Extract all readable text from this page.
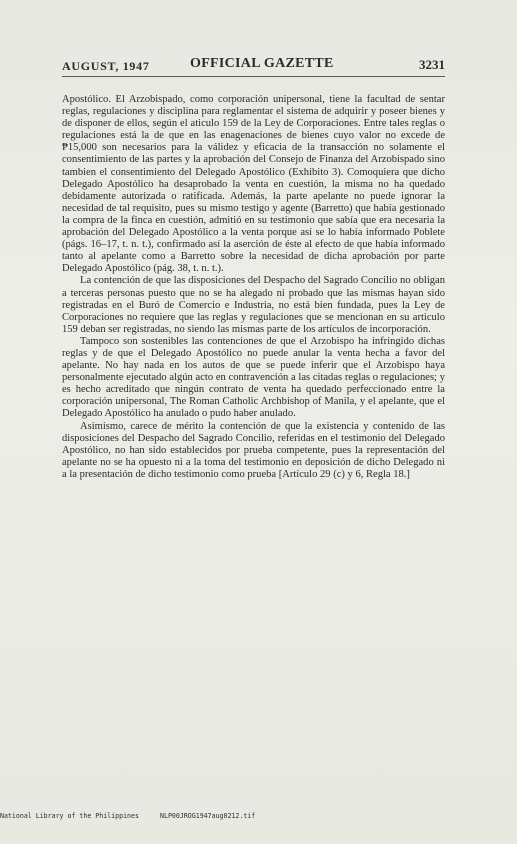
AUGUST, 1947	OFFICIAL GAZETTE	3231

Apostólico. El Arzobispado, como corporación unipersonal, tiene la facultad de sentar reglas, regulaciones y disciplina para reglamentar el sistema de adquirir y poseer bienes y de disponer de ellos, según el aticulo 159 de la Ley de Corporaciones. Entre tales reglas o regulaciones está la de que en las enagenaciones de bienes cuyo valor no excede de ₱15,000 son necesarios para la válidez y eficacia de la transacción no solamente el consentimiento de las partes y la aprobación del Consejo de Finanza del Arzobispado sino tambien el consentimiento del Delegado Apostólico (Exhibito 3). Comoquiera que dicho Delegado Apostólico ha desaprobado la venta en cuestión, la misma no ha quedado debidamente autorizada o ratificada. Además, la parte apelante no puede ignorar la necesidad de tal requisito, pues su mismo testigo y agente (Barretto) que había gestionado la compra de la finca en cuestión, admitió en su testimonio que sabía que era necesaria la aprobación del Delegado Apostólico a la venta porque así se lo había informado Poblete (págs. 16–17, t. n. t.), confirmado así la aserción de éste al efecto de que había informado tanto al apelante como a Barretto sobre la necesidad de dicha aprobación por parte Delegado Apostólico (pág. 38, t. n. t.).

La contención de que las disposiciones del Despacho del Sagrado Concilio no obligan a terceras personas puesto que no se ha alegado ni probado que las mismas hayan sido registradas en el Buró de Comercio e Industria, no está bien fundada, pues la Ley de Corporaciones no requiere que las reglas y regulaciones que se mencionan en su articulo 159 deban ser registradas, no siendo las mismas parte de los artículos de incorporación.

Tampoco son sostenibles las contenciones de que el Arzobispo ha infringido dichas reglas y de que el Delegado Apostólico no puede anular la venta hecha a favor del apelante. No hay nada en los autos de que se puede inferir que el Arzobispo haya personalmente ejecutado algún acto en contravención a las citadas reglas o regulaciones; y es hecho acreditado que ningún contrato de venta ha quedado perfeccionado entre la corporación unipersonal, The Roman Catholic Archbishop of Manila, y el apelante, que el Delegado Apostólico ha anulado o pudo haber anulado.

Asimismo, carece de mérito la contención de que la existencia y contenido de las disposiciones del Despacho del Sagrado Concilio, referidas en el testimonio del Delegado Apostólico, no han sido establecidos por prueba competente, pues la representación del apelante no se ha opuesto ni a la toma del testimonio en deposición de dicho Delegado ni a la presentación de dicho testimonio como prueba [Artículo 29 (c) y 6, Regla 18.]

National Library of the Philippines

	NLP00JROG1947aug0212.tif
